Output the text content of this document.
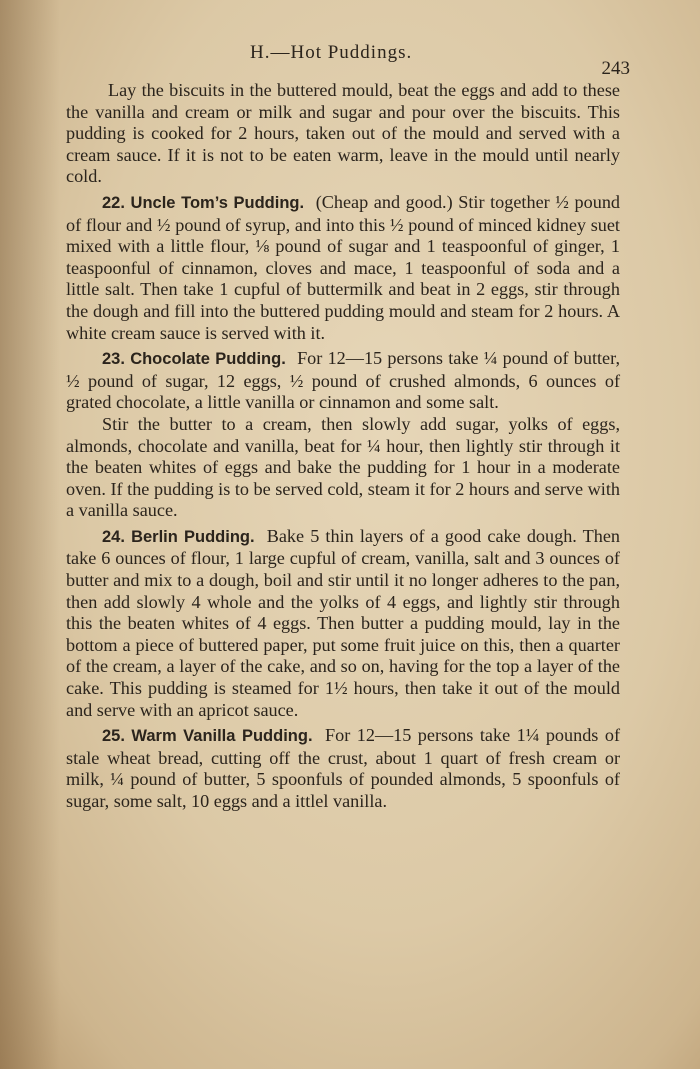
H.—Hot Puddings.
243

Lay the biscuits in the buttered mould, beat the eggs and add to these the vanilla and cream or milk and sugar and pour over the biscuits. This pudding is cooked for 2 hours, taken out of the mould and served with a cream sauce. If it is not to be eaten warm, leave in the mould until nearly cold.

22. Uncle Tom’s Pudding. (Cheap and good.) Stir together ½ pound of flour and ½ pound of syrup, and into this ½ pound of minced kidney suet mixed with a little flour, ⅛ pound of sugar and 1 teaspoonful of ginger, 1 teaspoonful of cinnamon, cloves and mace, 1 teaspoonful of soda and a little salt. Then take 1 cupful of buttermilk and beat in 2 eggs, stir through the dough and fill into the buttered pudding mould and steam for 2 hours. A white cream sauce is served with it.

23. Chocolate Pudding. For 12—15 persons take ¼ pound of butter, ½ pound of sugar, 12 eggs, ½ pound of crushed almonds, 6 ounces of grated chocolate, a little vanilla or cinnamon and some salt.

Stir the butter to a cream, then slowly add sugar, yolks of eggs, almonds, chocolate and vanilla, beat for ¼ hour, then lightly stir through it the beaten whites of eggs and bake the pudding for 1 hour in a moderate oven. If the pudding is to be served cold, steam it for 2 hours and serve with a vanilla sauce.

24. Berlin Pudding. Bake 5 thin layers of a good cake dough. Then take 6 ounces of flour, 1 large cupful of cream, vanilla, salt and 3 ounces of butter and mix to a dough, boil and stir until it no longer adheres to the pan, then add slowly 4 whole and the yolks of 4 eggs, and lightly stir through this the beaten whites of 4 eggs. Then butter a pudding mould, lay in the bottom a piece of buttered paper, put some fruit juice on this, then a quarter of the cream, a layer of the cake, and so on, having for the top a layer of the cake. This pudding is steamed for 1½ hours, then take it out of the mould and serve with an apricot sauce.

25. Warm Vanilla Pudding. For 12—15 persons take 1¼ pounds of stale wheat bread, cutting off the crust, about 1 quart of fresh cream or milk, ¼ pound of butter, 5 spoonfuls of pounded almonds, 5 spoonfuls of sugar, some salt, 10 eggs and a ittlel vanilla.
